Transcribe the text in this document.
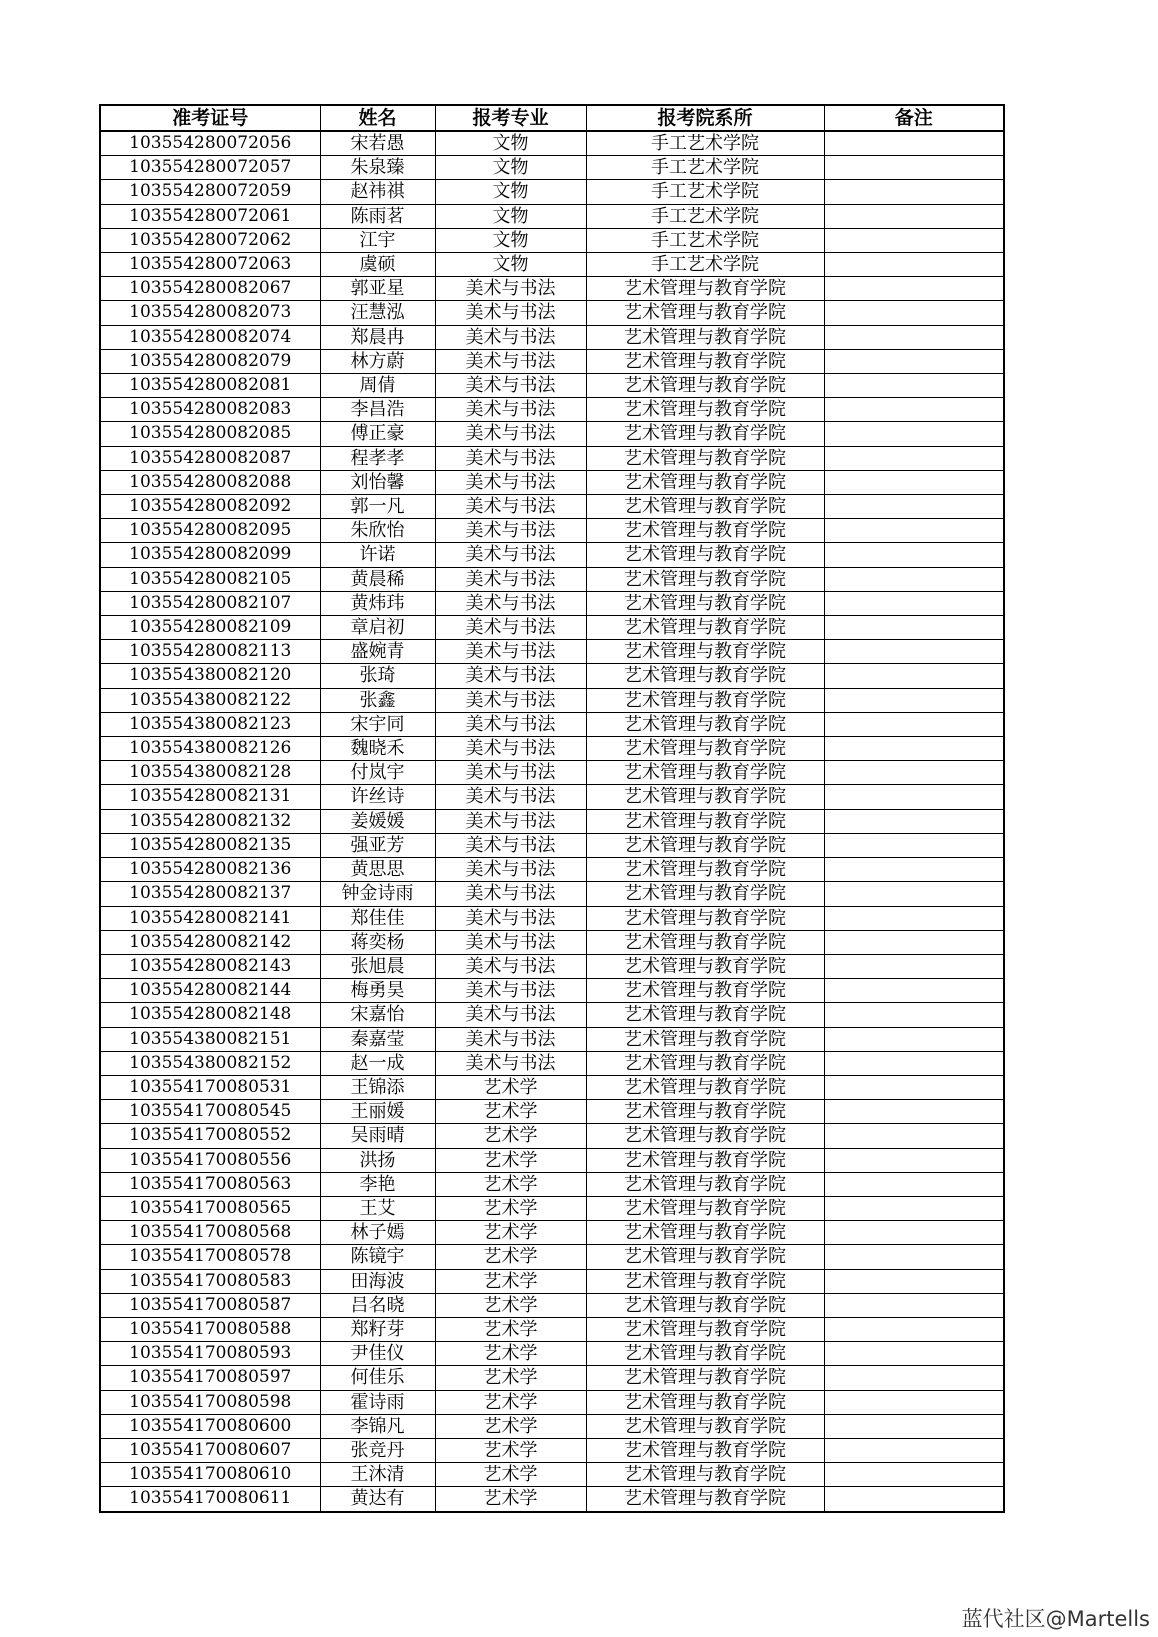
准考证号	姓名	报考专业	报考院系所	备注
103554280072056	宋若愚	文物	手工艺术学院	
103554280072057	朱泉臻	文物	手工艺术学院	
103554280072059	赵祎祺	文物	手工艺术学院	
103554280072061	陈雨茗	文物	手工艺术学院	
103554280072062	江宇	文物	手工艺术学院	
103554280072063	虞硕	文物	手工艺术学院	
103554280082067	郭亚星	美术与书法	艺术管理与教育学院	
103554280082073	汪慧泓	美术与书法	艺术管理与教育学院	
103554280082074	郑晨冉	美术与书法	艺术管理与教育学院	
103554280082079	林方蔚	美术与书法	艺术管理与教育学院	
103554280082081	周倩	美术与书法	艺术管理与教育学院	
103554280082083	李昌浩	美术与书法	艺术管理与教育学院	
103554280082085	傅正豪	美术与书法	艺术管理与教育学院	
103554280082087	程孝孝	美术与书法	艺术管理与教育学院	
103554280082088	刘怡馨	美术与书法	艺术管理与教育学院	
103554280082092	郭一凡	美术与书法	艺术管理与教育学院	
103554280082095	朱欣怡	美术与书法	艺术管理与教育学院	
103554280082099	许诺	美术与书法	艺术管理与教育学院	
103554280082105	黄晨稀	美术与书法	艺术管理与教育学院	
103554280082107	黄炜玮	美术与书法	艺术管理与教育学院	
103554280082109	章启初	美术与书法	艺术管理与教育学院	
103554280082113	盛婉青	美术与书法	艺术管理与教育学院	
103554380082120	张琦	美术与书法	艺术管理与教育学院	
103554380082122	张鑫	美术与书法	艺术管理与教育学院	
103554380082123	宋宇同	美术与书法	艺术管理与教育学院	
103554380082126	魏晓禾	美术与书法	艺术管理与教育学院	
103554380082128	付岚宇	美术与书法	艺术管理与教育学院	
103554280082131	许丝诗	美术与书法	艺术管理与教育学院	
103554280082132	姜媛媛	美术与书法	艺术管理与教育学院	
103554280082135	强亚芳	美术与书法	艺术管理与教育学院	
103554280082136	黄思思	美术与书法	艺术管理与教育学院	
103554280082137	钟金诗雨	美术与书法	艺术管理与教育学院	
103554280082141	郑佳佳	美术与书法	艺术管理与教育学院	
103554280082142	蒋奕杨	美术与书法	艺术管理与教育学院	
103554280082143	张旭晨	美术与书法	艺术管理与教育学院	
103554280082144	梅勇昊	美术与书法	艺术管理与教育学院	
103554280082148	宋嘉怡	美术与书法	艺术管理与教育学院	
103554380082151	秦嘉莹	美术与书法	艺术管理与教育学院	
103554380082152	赵一成	美术与书法	艺术管理与教育学院	
103554170080531	王锦添	艺术学	艺术管理与教育学院	
103554170080545	王丽媛	艺术学	艺术管理与教育学院	
103554170080552	吴雨晴	艺术学	艺术管理与教育学院	
103554170080556	洪扬	艺术学	艺术管理与教育学院	
103554170080563	李艳	艺术学	艺术管理与教育学院	
103554170080565	王艾	艺术学	艺术管理与教育学院	
103554170080568	林子嫣	艺术学	艺术管理与教育学院	
103554170080578	陈镜宇	艺术学	艺术管理与教育学院	
103554170080583	田海波	艺术学	艺术管理与教育学院	
103554170080587	吕名晓	艺术学	艺术管理与教育学院	
103554170080588	郑籽芽	艺术学	艺术管理与教育学院	
103554170080593	尹佳仪	艺术学	艺术管理与教育学院	
103554170080597	何佳乐	艺术学	艺术管理与教育学院	
103554170080598	霍诗雨	艺术学	艺术管理与教育学院	
103554170080600	李锦凡	艺术学	艺术管理与教育学院	
103554170080607	张竞丹	艺术学	艺术管理与教育学院	
103554170080610	王沐清	艺术学	艺术管理与教育学院	
103554170080611	黄达有	艺术学	艺术管理与教育学院	
蓝代社区@Martells
